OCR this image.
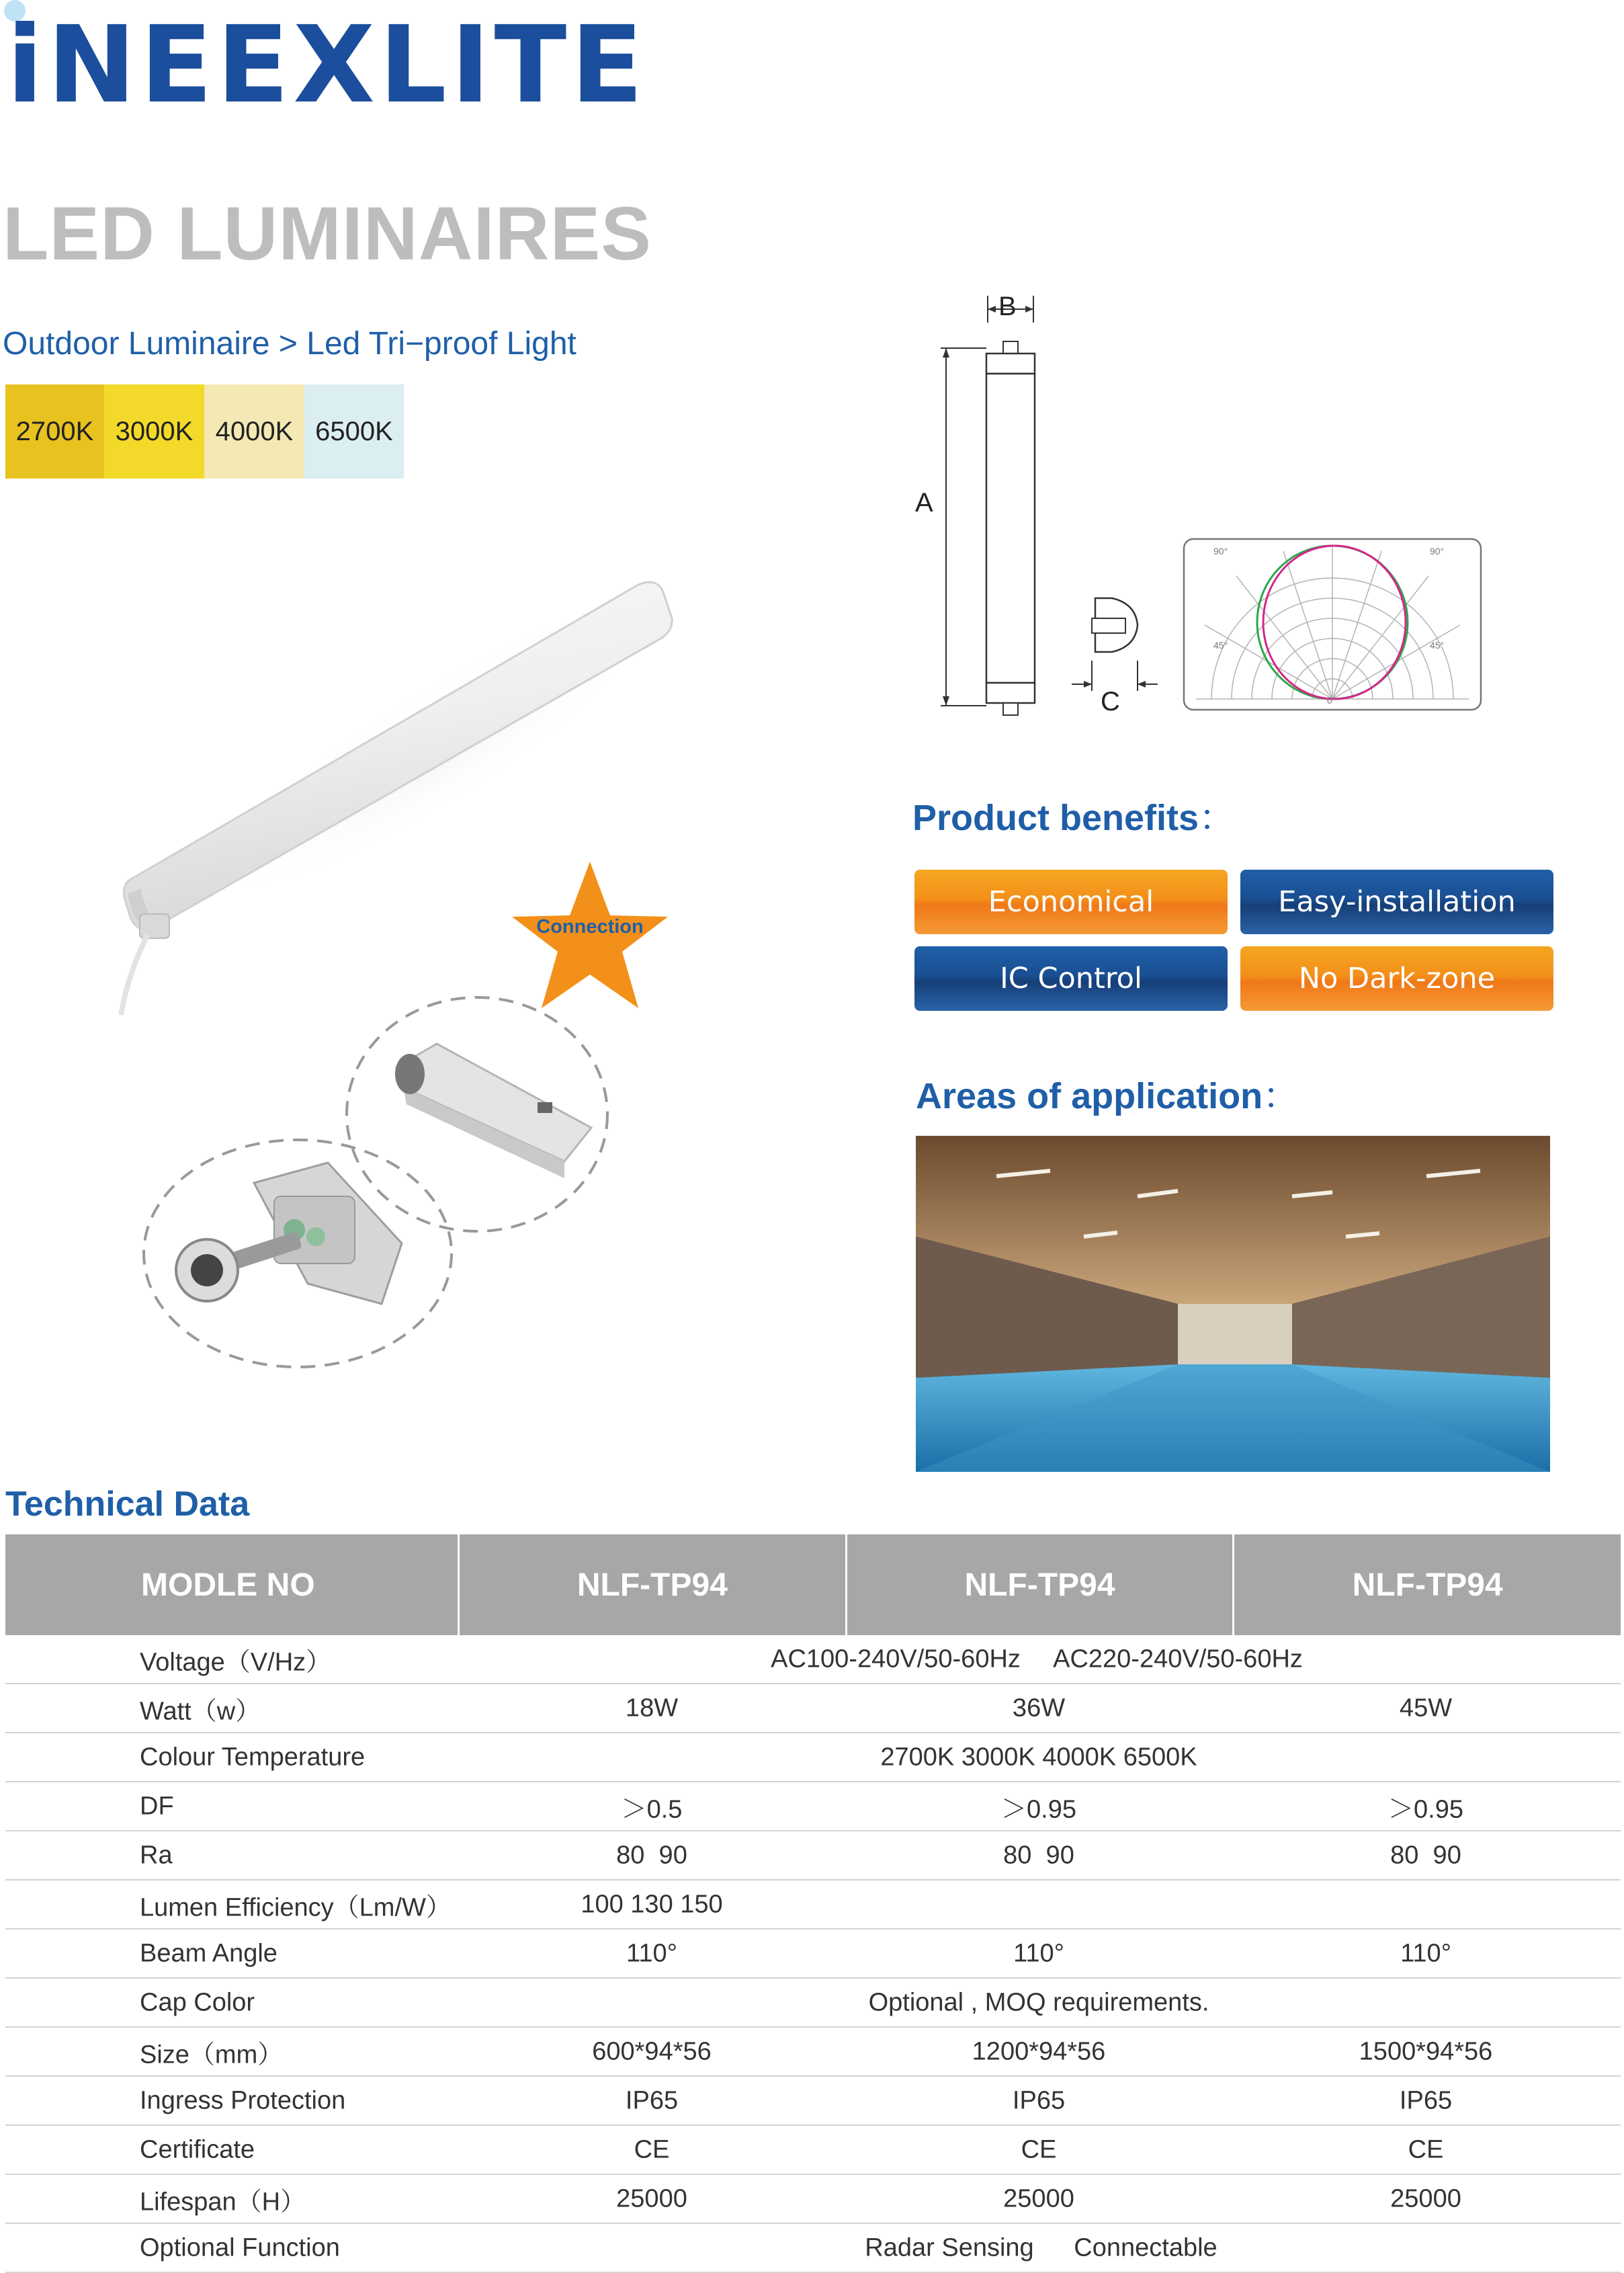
iNEEXLITE
LED LUMINAIRES
Outdoor Luminaire > Led Tri−proof Light
2700K 3000K 4000K 6500K
Connection
B
A
C
90°	90°
45°	45°
0°
Product benefits：
Economical	Easy-installation
IC Control	No Dark-zone
Areas of application：
Technical Data
MODLE NO	NLF-TP94	NLF-TP94	NLF-TP94
Voltage（V/Hz）	AC100-240V/50-60Hz AC220-240V/50-60Hz
Watt（w）	18W	36W	45W
Colour Temperature	2700K 3000K 4000K 6500K
DF	＞0.5	＞0.95	＞0.95
Ra	80  90	80  90	80  90
Lumen Efficiency（Lm/W）	100 130 150
Beam Angle	110°	110°	110°
Cap Color	Optional , MOQ requirements.
Size（mm）	600*94*56	1200*94*56	1500*94*56
Ingress Protection	IP65	IP65	IP65
Certificate	CE	CE	CE
Lifespan（H）	25000	25000	25000
Optional Function	Radar Sensing Connectable
